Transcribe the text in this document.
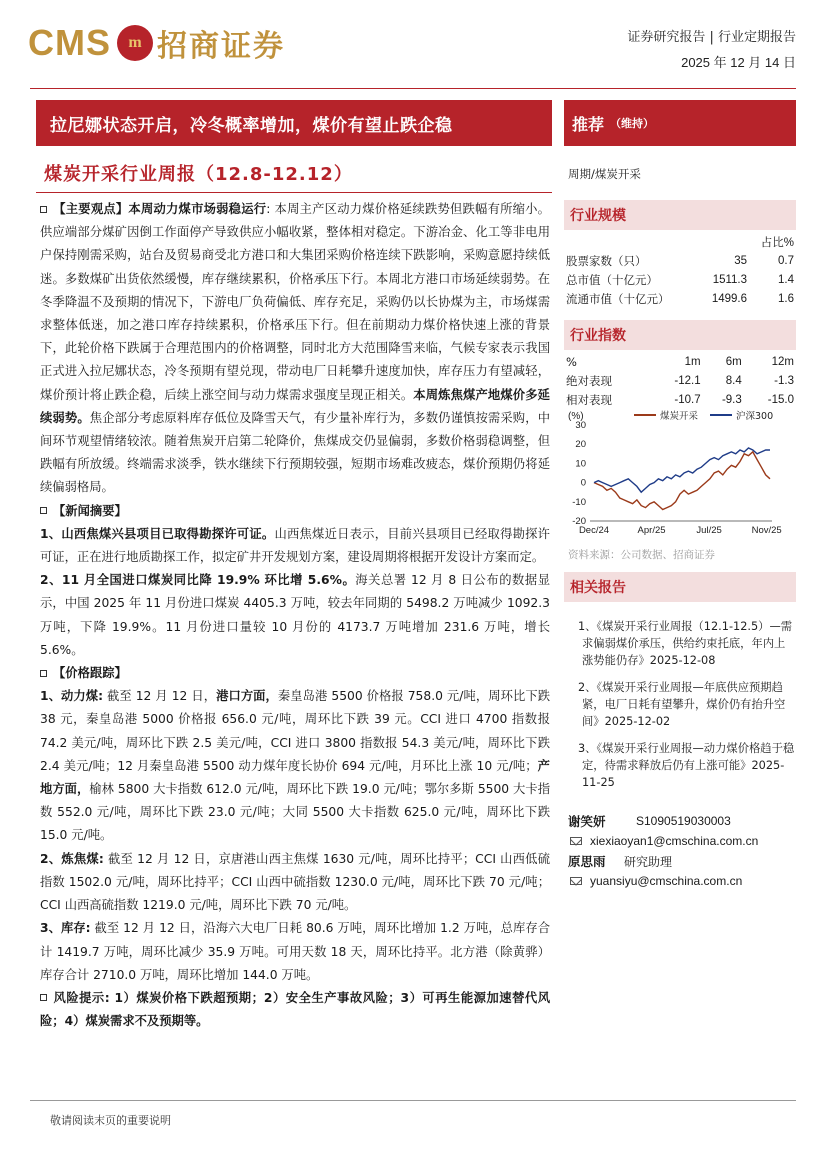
CMS	m 招商证券	证券研究报告 | 行业定期报告
2025 年 12 月 14 日
拉尼娜状态开启，冷冬概率增加，煤价有望止跌企稳
煤炭开采行业周报（12.8-12.12）

【主要观点】本周动力煤市场弱稳运行: 本周主产区动力煤价格延续跌势但跌幅有所缩小。供应端部分煤矿因倒工作面停产导致供应小幅收紧，整体相对稳定。下游冶金、化工等非电用户保持刚需采购，站台及贸易商受北方港口和大集团采购价格连续下跌影响，采购意愿持续低迷。多数煤矿出货依然缓慢，库存继续累积，价格承压下行。本周北方港口市场延续弱势。在冬季降温不及预期的情况下，下游电厂负荷偏低、库存充足，采购仍以长协煤为主，市场煤需求整体低迷，加之港口库存持续累积，价格承压下行。但在前期动力煤价格快速上涨的背景下，此轮价格下跌属于合理范围内的价格调整，同时北方大范围降雪来临，气候专家表示我国正式进入拉尼娜状态，冷冬预期有望兑现，带动电厂日耗攀升速度加快，库存压力有望减轻，煤价预计将止跌企稳，后续上涨空间与动力煤需求强度呈现正相关。本周炼焦煤产地煤价多延续弱势。焦企部分考虑原料库存低位及降雪天气，有少量补库行为，多数仍谨慎按需采购，中间环节观望情绪较浓。随着焦炭开启第二轮降价，焦煤成交仍显偏弱，多数价格弱稳调整，但跌幅有所放缓。终端需求淡季，铁水继续下行预期较强，短期市场难改疲态，煤价预期仍将延续偏弱格局。

【新闻摘要】

1、山西焦煤兴县项目已取得勘探许可证。山西焦煤近日表示，目前兴县项目已经取得勘探许可证，正在进行地质勘探工作，拟定矿井开发规划方案，建设周期将根据开发设计方案而定。

2、11 月全国进口煤炭同比降 19.9% 环比增 5.6%。海关总署 12 月 8 日公布的数据显示，中国 2025 年 11 月份进口煤炭 4405.3 万吨，较去年同期的 5498.2 万吨减少 1092.3 万吨，下降 19.9%。11 月份进口量较 10 月份的 4173.7 万吨增加 231.6 万吨，增长 5.6%。

【价格跟踪】

1、动力煤: 截至 12 月 12 日，港口方面，秦皇岛港 5500 价格报 758.0 元/吨，周环比下跌 38 元，秦皇岛港 5000 价格报 656.0 元/吨，周环比下跌 39 元。CCI 进口 4700 指数报 74.2 美元/吨，周环比下跌 2.5 美元/吨，CCI 进口 3800 指数报 54.3 美元/吨，周环比下跌 2.4 美元/吨；12 月秦皇岛港 5500 动力煤年度长协价 694 元/吨，月环比上涨 10 元/吨；产地方面，榆林 5800 大卡指数 612.0 元/吨，周环比下跌 19.0 元/吨；鄂尔多斯 5500 大卡指数 552.0 元/吨，周环比下跌 23.0 元/吨；大同 5500 大卡指数 625.0 元/吨，周环比下跌 15.0 元/吨。

2、炼焦煤: 截至 12 月 12 日，京唐港山西主焦煤 1630 元/吨，周环比持平；CCI 山西低硫指数 1502.0 元/吨，周环比持平；CCI 山西中硫指数 1230.0 元/吨，周环比下跌 70 元/吨；CCI 山西高硫指数 1219.0 元/吨，周环比下跌 70 元/吨。

3、库存: 截至 12 月 12 日，沿海六大电厂日耗 80.6 万吨，周环比增加 1.2 万吨，总库存合计 1419.7 万吨，周环比减少 35.9 万吨。可用天数 18 天，周环比持平。北方港（除黄骅）库存合计 2710.0 万吨，周环比增加 144.0 万吨。

风险提示: 1）煤炭价格下跌超预期；2）安全生产事故风险；3）可再生能源加速替代风险；4）煤炭需求不及预期等。

推荐 （维持）
周期/煤炭开采
行业规模
		占比%
股票家数（只）	35	0.7
总市值（十亿元）	1511.3	1.4
流通市值（十亿元）	1499.6	1.6
行业指数
%	1m	6m	12m
绝对表现	-12.1	8.4	-1.3
相对表现	-10.7	-9.3	-15.0
(%)	煤炭开采	沪深300
-20
-10
0
10
20
30
Dec/24	Apr/25	Jul/25	Nov/25
资料来源：公司数据、招商证券
相关报告
1、《煤炭开采行业周报（12.1-12.5）—需求偏弱煤价承压，供给约束托底，年内上涨势能仍存》2025-12-08
2、《煤炭开采行业周报—年底供应预期趋紧，电厂日耗有望攀升，煤价仍有抬升空间》2025-12-02
3、《煤炭开采行业周报—动力煤价格趋于稳定，待需求释放后仍有上涨可能》2025-11-25
谢笑妍	S1090519030003
xiexiaoyan1@cmschina.com.cn
原思雨	研究助理
yuansiyu@cmschina.com.cn
敬请阅读末页的重要说明
